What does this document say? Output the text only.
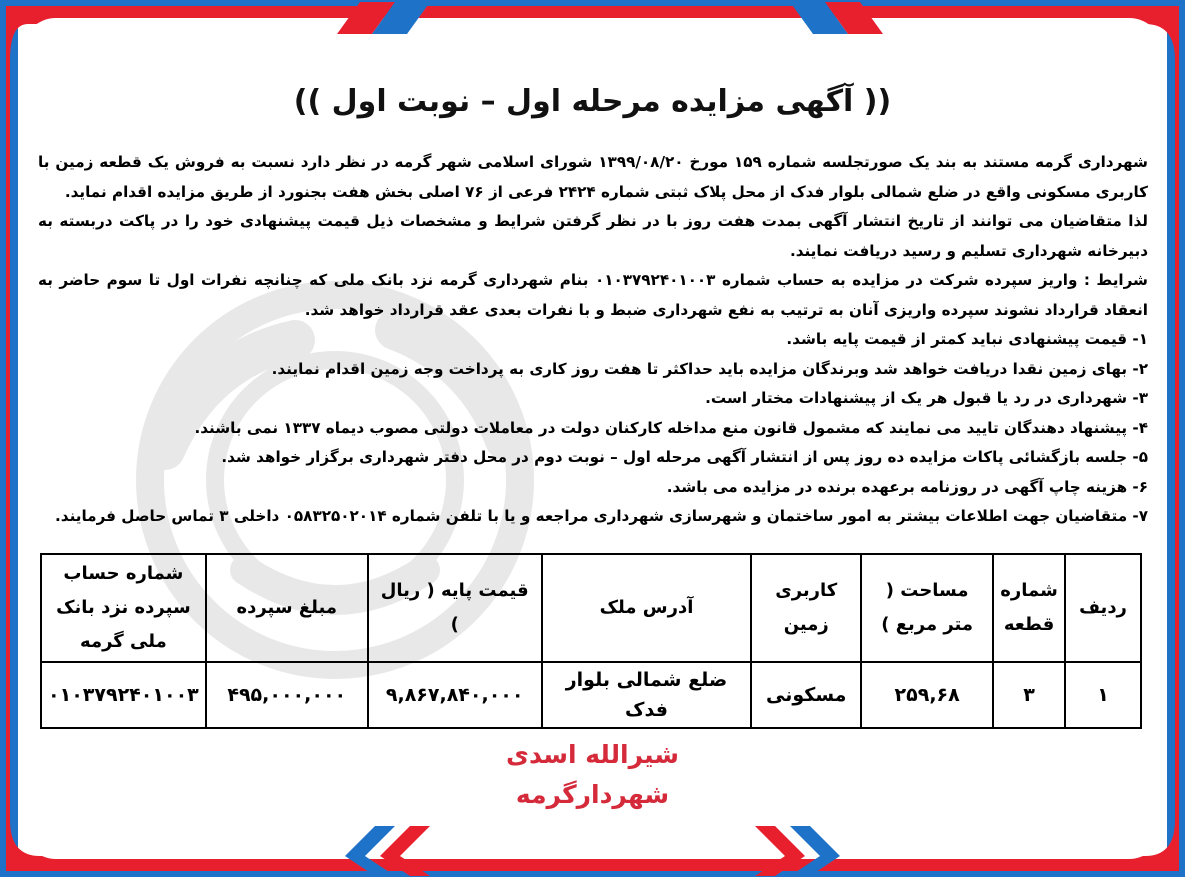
(( آگهی مزایده مرحله اول – نوبت اول ))

شهرداری گرمه مستند به بند یک صورتجلسه شماره ۱۵۹ مورخ ۱۳۹۹/۰۸/۲۰ شورای اسلامی شهر گرمه در نظر دارد نسبت به فروش یک قطعه زمین با کاربری مسکونی واقع در ضلع شمالی بلوار فدک از محل پلاک ثبتی شماره ۲۴۲۴ فرعی از ۷۶ اصلی بخش هفت بجنورد از طریق مزایده اقدام نماید.

لذا متقاضیان می توانند از تاریخ انتشار آگهی بمدت هفت روز با در نظر گرفتن شرایط و مشخصات ذیل قیمت پیشنهادی خود را در پاکت دربسته به دبیرخانه شهرداری تسلیم و رسید دریافت نمایند.

شرایط : واریز سپرده شرکت در مزایده به حساب شماره ۰۱۰۳۷۹۲۴۰۱۰۰۳ بنام شهرداری گرمه نزد بانک ملی که چنانچه نفرات اول تا سوم حاضر به انعقاد قرارداد نشوند سپرده واریزی آنان به ترتیب به نفع شهرداری ضبط و با نفرات بعدی عقد قرارداد خواهد شد.

۱- قیمت پیشنهادی نباید کمتر از قیمت پایه باشد.

۲- بهای زمین نقدا دریافت خواهد شد وبرندگان مزایده باید حداکثر تا هفت روز کاری به پرداخت وجه زمین اقدام نمایند.

۳- شهرداری در رد یا قبول هر یک از پیشنهادات مختار است.

۴- پیشنهاد دهندگان تایید می نمایند که مشمول قانون منع مداخله کارکنان دولت در معاملات دولتی مصوب دیماه ۱۳۳۷ نمی باشند.

۵- جلسه بازگشائی پاکات مزایده ده روز پس از انتشار آگهی مرحله اول – نوبت دوم در محل دفتر شهرداری برگزار خواهد شد.

۶- هزینه چاپ آگهی در روزنامه برعهده برنده در مزایده می باشد.

۷- متقاضیان جهت اطلاعات بیشتر به امور ساختمان و شهرسازی شهرداری مراجعه و یا با تلفن شماره ۰۵۸۳۲۵۰۲۰۱۴ داخلی ۳ تماس حاصل فرمایند.

ردیف	شماره قطعه	مساحت ( متر مربع )	کاربری زمین	آدرس ملک	قیمت پایه ( ریال )	مبلغ سپرده	شماره حساب سپرده نزد بانک ملی گرمه
۱	۳	۲۵۹,۶۸	مسکونی	ضلع شمالی بلوار فدک	۹,۸۶۷,۸۴۰,۰۰۰	۴۹۵,۰۰۰,۰۰۰	۰۱۰۳۷۹۲۴۰۱۰۰۳
شیرالله اسدی
شهردارگرمه
